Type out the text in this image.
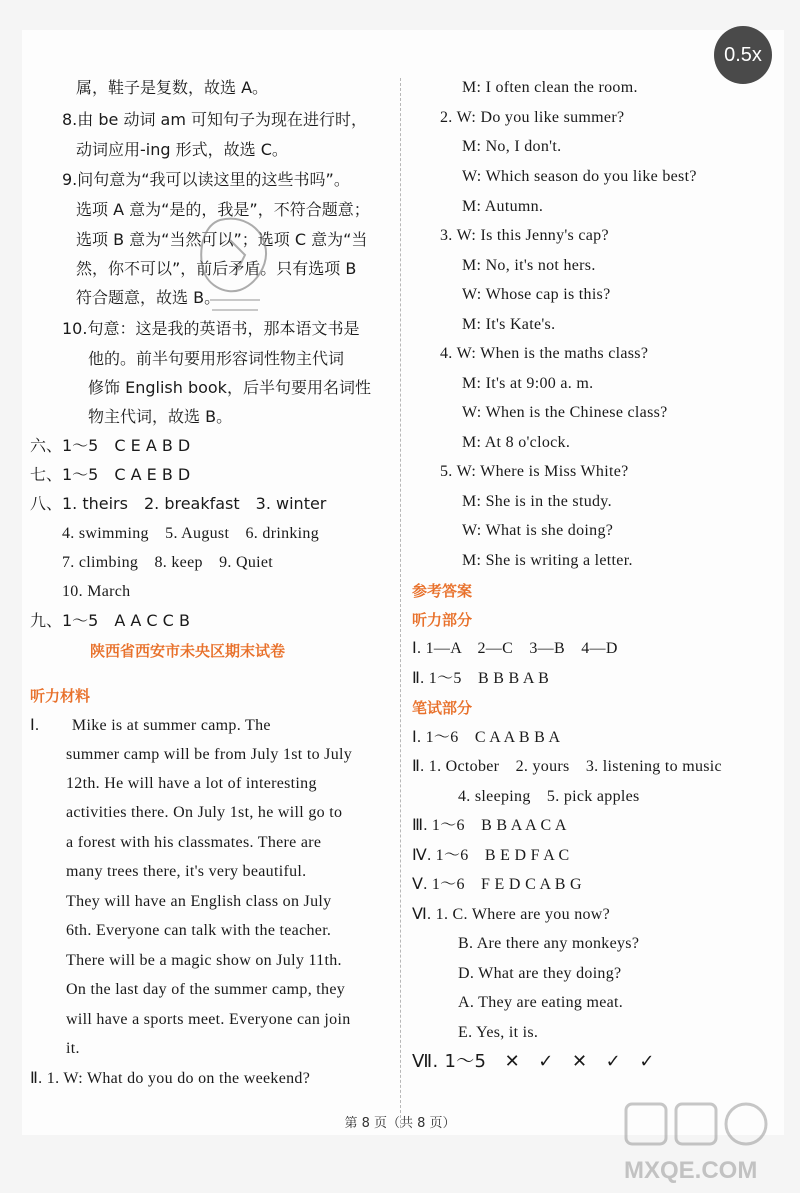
属，鞋子是复数，故选 A。
8.由 be 动词 am 可知句子为现在进行时，
动词应用-ing 形式，故选 C。
9.问句意为“我可以读这里的这些书吗”。
选项 A 意为“是的，我是”，不符合题意；
选项 B 意为“当然可以”；选项 C 意为“当
然，你不可以”，前后矛盾。只有选项 B
符合题意，故选 B。
10.句意：这是我的英语书，那本语文书是
他的。前半句要用形容词性物主代词
修饰 English book，后半句要用名词性
物主代词，故选 B。
六、1～5　C E A B D
七、1～5　C A E B D
八、1. theirs　2. breakfast　3. winter
4. swimming　5. August　6. drinking
7. climbing　8. keep　9. Quiet
10. March
九、1～5　A A C C B
陕西省西安市未央区期末试卷
听力材料
Ⅰ.　　Mike is at summer camp. The
summer camp will be from July 1st to July
12th. He will have a lot of interesting
activities there. On July 1st, he will go to
a forest with his classmates. There are
many trees there, it's very beautiful.
They will have an English class on July
6th. Everyone can talk with the teacher.
There will be a magic show on July 11th.
On the last day of the summer camp, they
will have a sports meet. Everyone can join
it.
Ⅱ. 1. W: What do you do on the weekend?
M: I often clean the room.
2. W: Do you like summer?
M: No, I don't.
W: Which season do you like best?
M: Autumn.
3. W: Is this Jenny's cap?
M: No, it's not hers.
W: Whose cap is this?
M: It's Kate's.
4. W: When is the maths class?
M: It's at 9:00 a. m.
W: When is the Chinese class?
M: At 8 o'clock.
5. W: Where is Miss White?
M: She is in the study.
W: What is she doing?
M: She is writing a letter.
参考答案
听力部分
Ⅰ. 1—A　2—C　3—B　4—D
Ⅱ. 1～5　B B B A B
笔试部分
Ⅰ. 1～6　C A A B B A
Ⅱ. 1. October　2. yours　3. listening to music
4. sleeping　5. pick apples
Ⅲ. 1～6　B B A A C A
Ⅳ. 1～6　B E D F A C
Ⅴ. 1～6　F E D C A B G
Ⅵ. 1. C. Where are you now?
B. Are there any monkeys?
D. What are they doing?
A. They are eating meat.
E. Yes, it is.
Ⅶ. 1～5　✕　✓　✕　✓　✓
0.5x
第 8 页（共 8 页）
MXQE.COM
